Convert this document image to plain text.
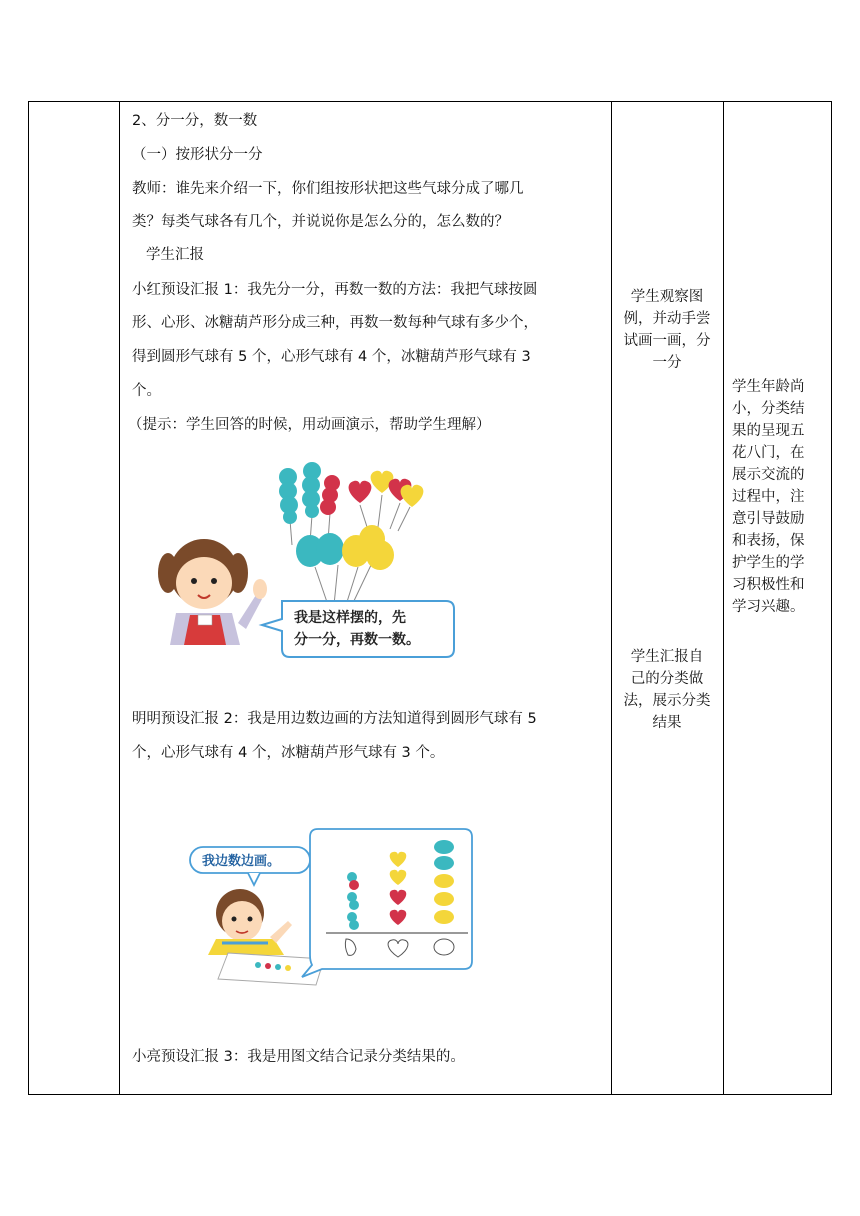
2、分一分，数一数
（一）按形状分一分
教师：谁先来介绍一下，你们组按形状把这些气球分成了哪几
类？每类气球各有几个，并说说你是怎么分的，怎么数的？
学生汇报
小红预设汇报 1：我先分一分，再数一数的方法：我把气球按圆
形、心形、冰糖葫芦形分成三种，再数一数每种气球有多少个，
得到圆形气球有 5 个，心形气球有 4 个，冰糖葫芦形气球有 3
个。
（提示：学生回答的时候，用动画演示，帮助学生理解）
明明预设汇报 2：我是用边数边画的方法知道得到圆形气球有 5
个，心形气球有 4 个，冰糖葫芦形气球有 3 个。
小亮预设汇报 3：我是用图文结合记录分类结果的。
我是这样摆的，先
分一分，再数一数。
我边数边画。
学生观察图
例，并动手尝
试画一画，分
一分
学生汇报自
己的分类做
法，展示分类
结果
学生年龄尚
小，分类结
果的呈现五
花八门，在
展示交流的
过程中，注
意引导鼓励
和表扬，保
护学生的学
习积极性和
学习兴趣。
